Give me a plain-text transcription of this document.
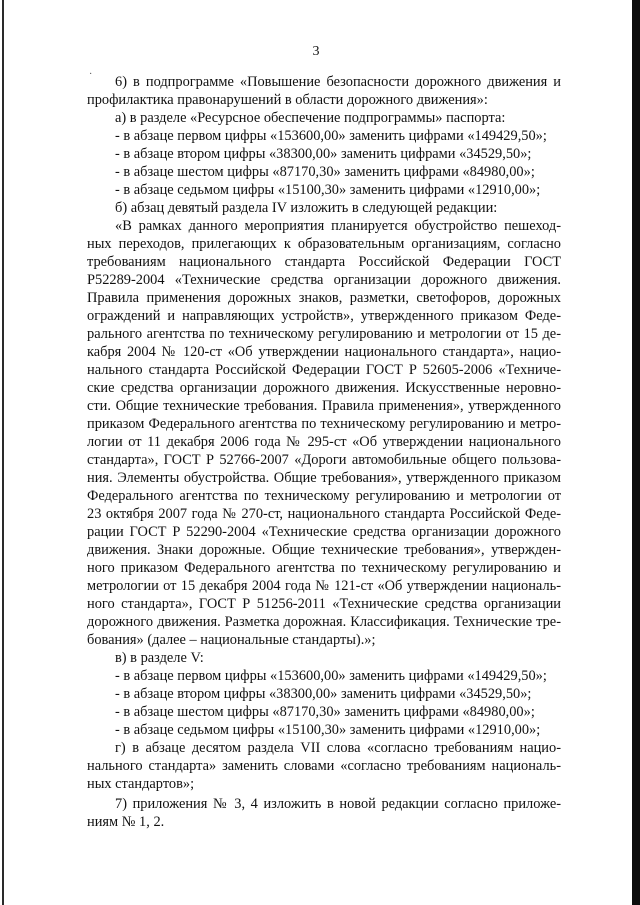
3
·	6) в подпрограмме «Повышение безопасности дорожного движения и профилактика правонарушений в области дорожного движения»:

а) в разделе «Ресурсное обеспечение подпрограммы» паспорта:

- в абзаце первом цифры «153600,00» заменить цифрами «149429,50»;

- в абзаце втором цифры «38300,00» заменить цифрами «34529,50»;

- в абзаце шестом цифры «87170,30» заменить цифрами «84980,00»;

- в абзаце седьмом цифры «15100,30» заменить цифрами «12910,00»;

б) абзац девятый раздела IV изложить в следующей редакции:

«В рамках данного мероприятия планируется обустройство пешеходных переходов, прилегающих к образовательным организациям, согласно требованиям национального стандарта Российской Федерации ГОСТ Р52289-2004 «Технические средства организации дорожного движения. Правила применения дорожных знаков, разметки, светофоров, дорожных ограждений и направляющих устройств», утвержденного приказом Федерального агентства по техническому регулированию и метрологии от 15 декабря 2004 № 120-ст «Об утверждении национального стандарта», национального стандарта Российской Федерации ГОСТ Р 52605-2006 «Технические средства организации дорожного движения. Искусственные неровности. Общие технические требования. Правила применения», утвержденного приказом Федерального агентства по техническому регулированию и метрологии от 11 декабря 2006 года № 295-ст «Об утверждении национального стандарта», ГОСТ Р 52766-2007 «Дороги автомобильные общего пользования. Элементы обустройства. Общие требования», утвержденного приказом Федерального агентства по техническому регулированию и метрологии от 23 октября 2007 года № 270-ст, национального стандарта Российской Федерации ГОСТ Р 52290-2004 «Технические средства организации дорожного движения. Знаки дорожные. Общие технические требования», утвержденного приказом Федерального агентства по техническому регулированию и метрологии от 15 декабря 2004 года № 121-ст «Об утверждении национального стандарта», ГОСТ Р 51256-2011 «Технические средства организации дорожного движения. Разметка дорожная. Классификация. Технические требования» (далее – национальные стандарты).»;

в) в разделе V:

- в абзаце первом цифры «153600,00» заменить цифрами «149429,50»;

- в абзаце втором цифры «38300,00» заменить цифрами «34529,50»;

- в абзаце шестом цифры «87170,30» заменить цифрами «84980,00»;

- в абзаце седьмом цифры «15100,30» заменить цифрами «12910,00»;

г) в абзаце десятом раздела VII слова «согласно требованиям национального стандарта» заменить словами «согласно требованиям национальных стандартов»;

7) приложения № 3, 4 изложить в новой редакции согласно приложениям № 1, 2.
